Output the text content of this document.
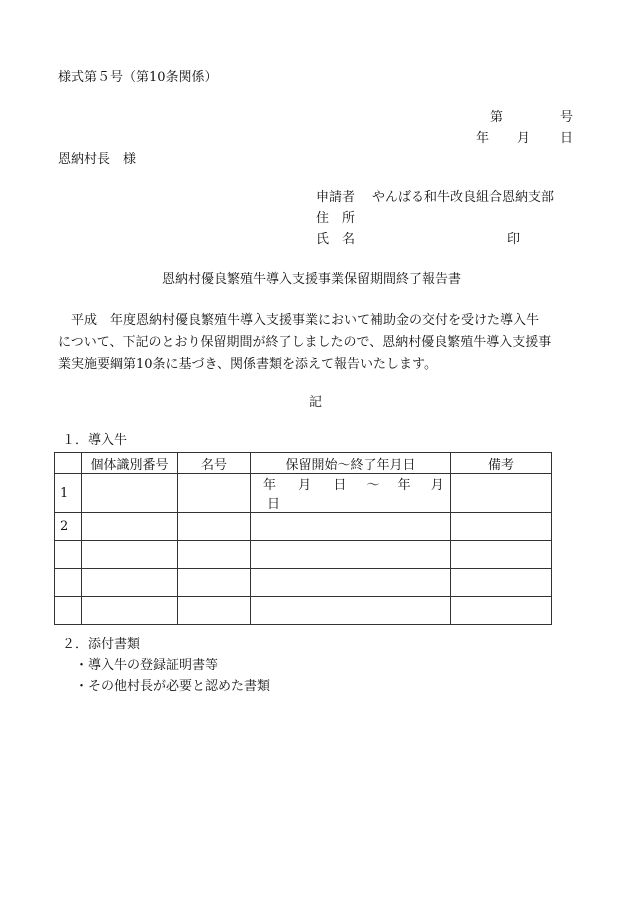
様式第５号（第10条関係）
第	号
年 月 日
恩納村長　様
申請者 やんばる和牛改良組合恩納支部
住　所
氏　名	印
恩納村優良繁殖牛導入支援事業保留期間終了報告書

　平成　年度恩納村優良繁殖牛導入支援事業において補助金の交付を受けた導入牛

について、下記のとおり保留期間が終了しましたので、恩納村優良繁殖牛導入支援事

業実施要綱第10条に基づき、関係書類を添えて報告いたします。

記
１．導入牛
	個体識別番号	名号	保留開始～終了年月日	備考
1			年 月 日 ～ 年 月 日	
2				

２．添付書類
・導入牛の登録証明書等
・その他村長が必要と認めた書類
